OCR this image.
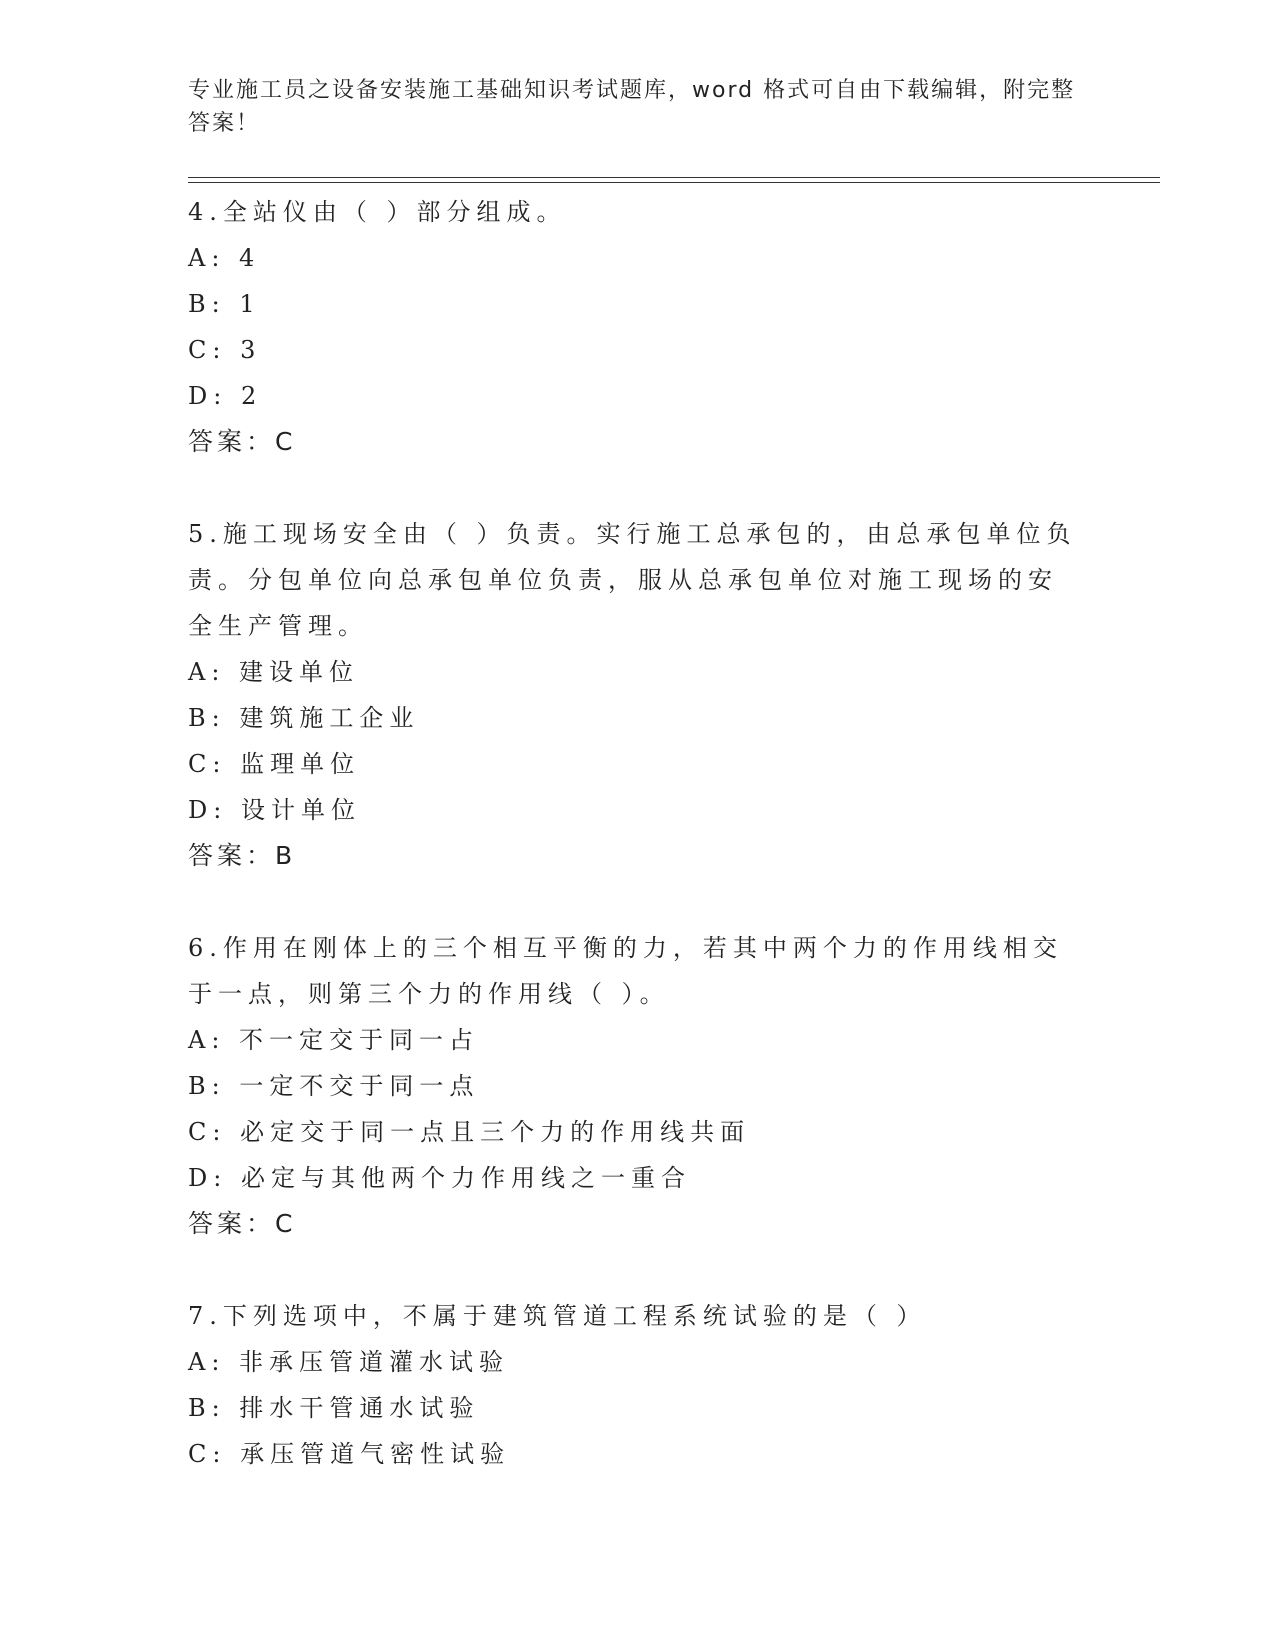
专业施工员之设备安装施工基础知识考试题库，word 格式可自由下载编辑，附完整答案！
4.全站仪由（ ）部分组成。
A: 4
B: 1
C: 3
D: 2
答案：C
5.施工现场安全由（ ）负责。实行施工总承包的，由总承包单位负责。分包单位向总承包单位负责，服从总承包单位对施工现场的安全生产管理。
A: 建设单位
B: 建筑施工企业
C: 监理单位
D: 设计单位
答案：B
6.作用在刚体上的三个相互平衡的力，若其中两个力的作用线相交于一点，则第三个力的作用线（ ）。
A: 不一定交于同一占
B: 一定不交于同一点
C: 必定交于同一点且三个力的作用线共面
D: 必定与其他两个力作用线之一重合
答案：C
7.下列选项中，不属于建筑管道工程系统试验的是（ ）
A: 非承压管道灌水试验
B: 排水干管通水试验
C: 承压管道气密性试验
